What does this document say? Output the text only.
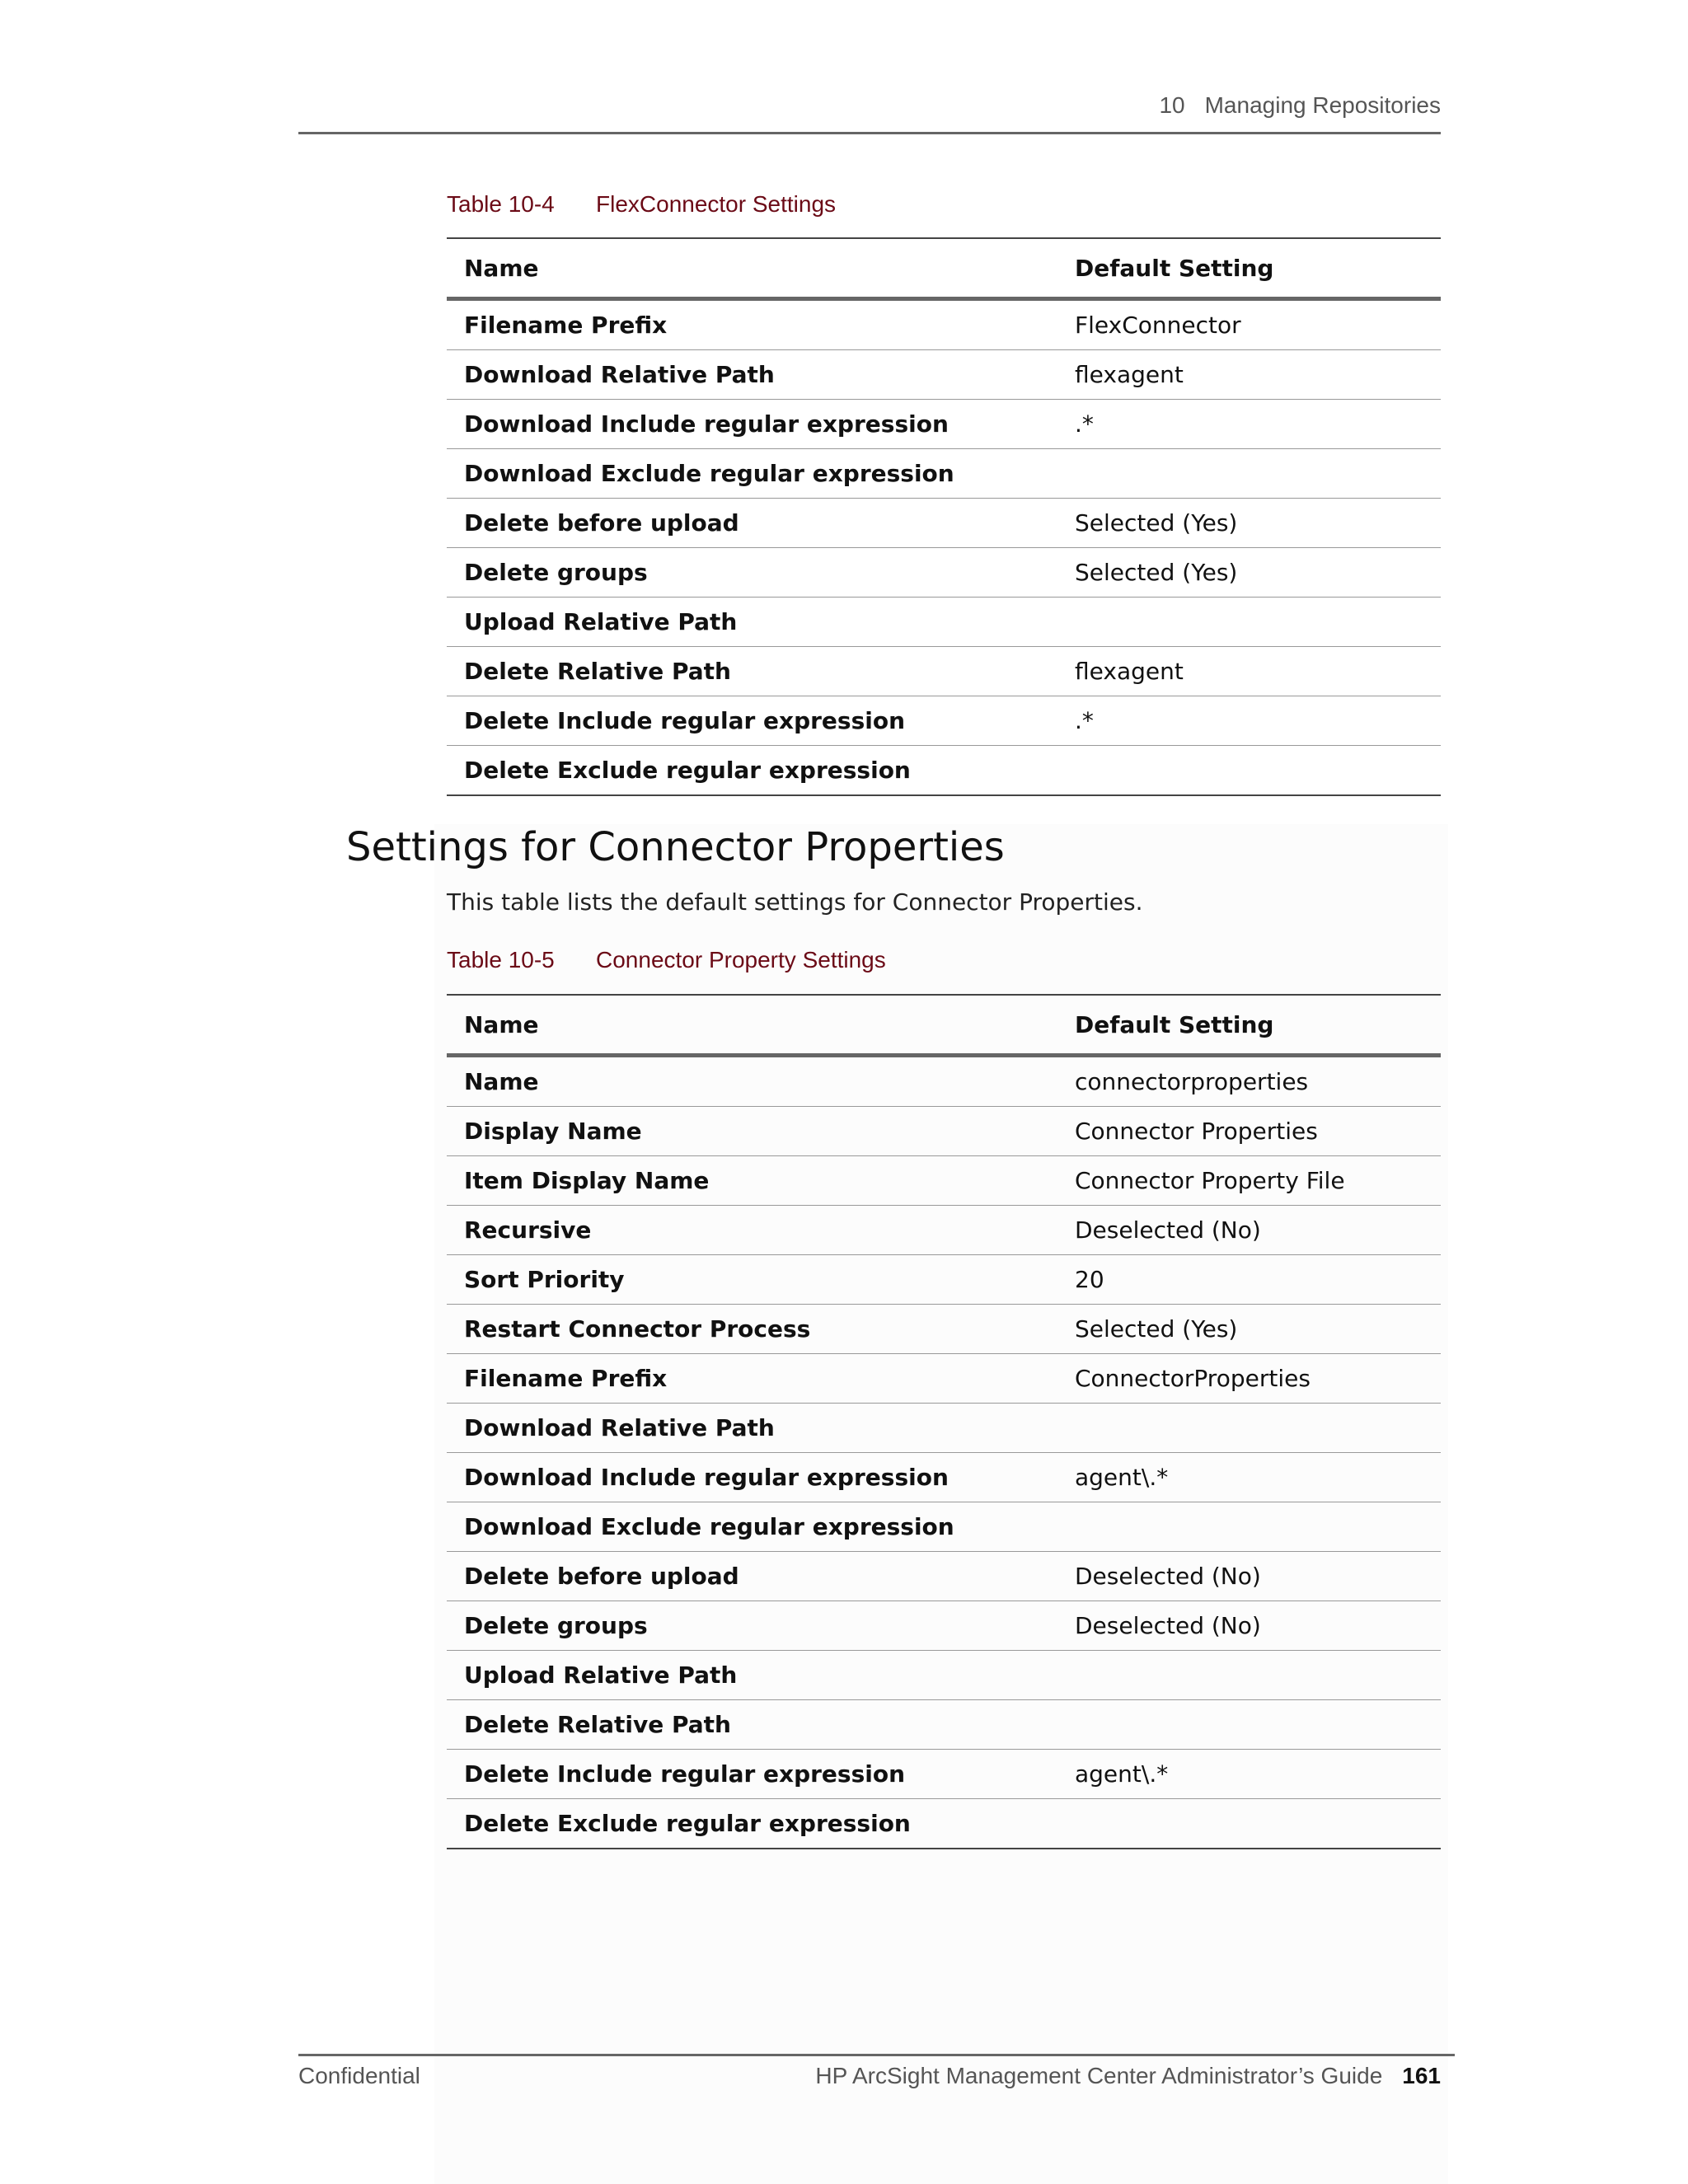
10 Managing Repositories
Table 10-4 FlexConnector Settings
Name	Default Setting
Filename Prefix	FlexConnector
Download Relative Path	flexagent
Download Include regular expression	.*
Download Exclude regular expression	
Delete before upload	Selected (Yes)
Delete groups	Selected (Yes)
Upload Relative Path	
Delete Relative Path	flexagent
Delete Include regular expression	.*
Delete Exclude regular expression	
Settings for Connector Properties

This table lists the default settings for Connector Properties.

Table 10-5 Connector Property Settings
Name	Default Setting
Name	connectorproperties
Display Name	Connector Properties
Item Display Name	Connector Property File
Recursive	Deselected (No)
Sort Priority	20
Restart Connector Process	Selected (Yes)
Filename Prefix	ConnectorProperties
Download Relative Path	
Download Include regular expression	agent\.*
Download Exclude regular expression	
Delete before upload	Deselected (No)
Delete groups	Deselected (No)
Upload Relative Path	
Delete Relative Path	
Delete Include regular expression	agent\.*
Delete Exclude regular expression	
Confidential	HP ArcSight Management Center Administrator’s Guide 161
